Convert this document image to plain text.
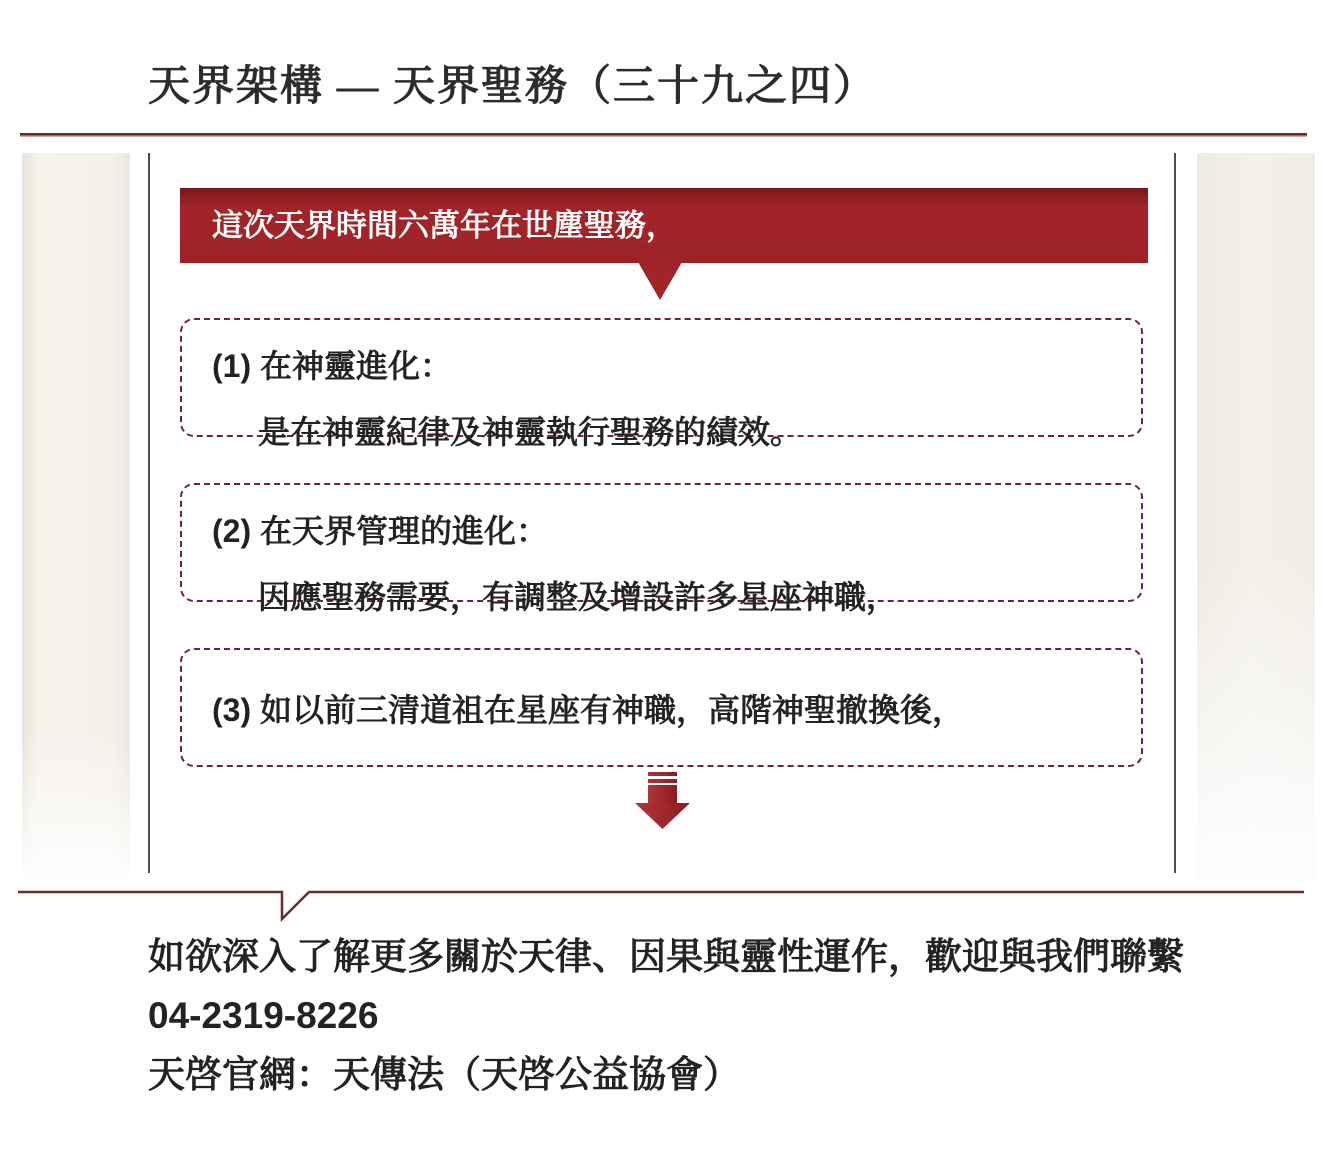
天界架構 — 天界聖務（三十九之四）
這次天界時間六萬年在世塵聖務，
(1) 在神靈進化：
是在神靈紀律及神靈執行聖務的績效。
(2) 在天界管理的進化：
因應聖務需要，有調整及增設許多星座神職，
(3) 如以前三清道祖在星座有神職，高階神聖撤換後，
如欲深入了解更多關於天律、因果與靈性運作，歡迎與我們聯繫
04-2319-8226
天啓官網：天傳法（天啓公益協會）
